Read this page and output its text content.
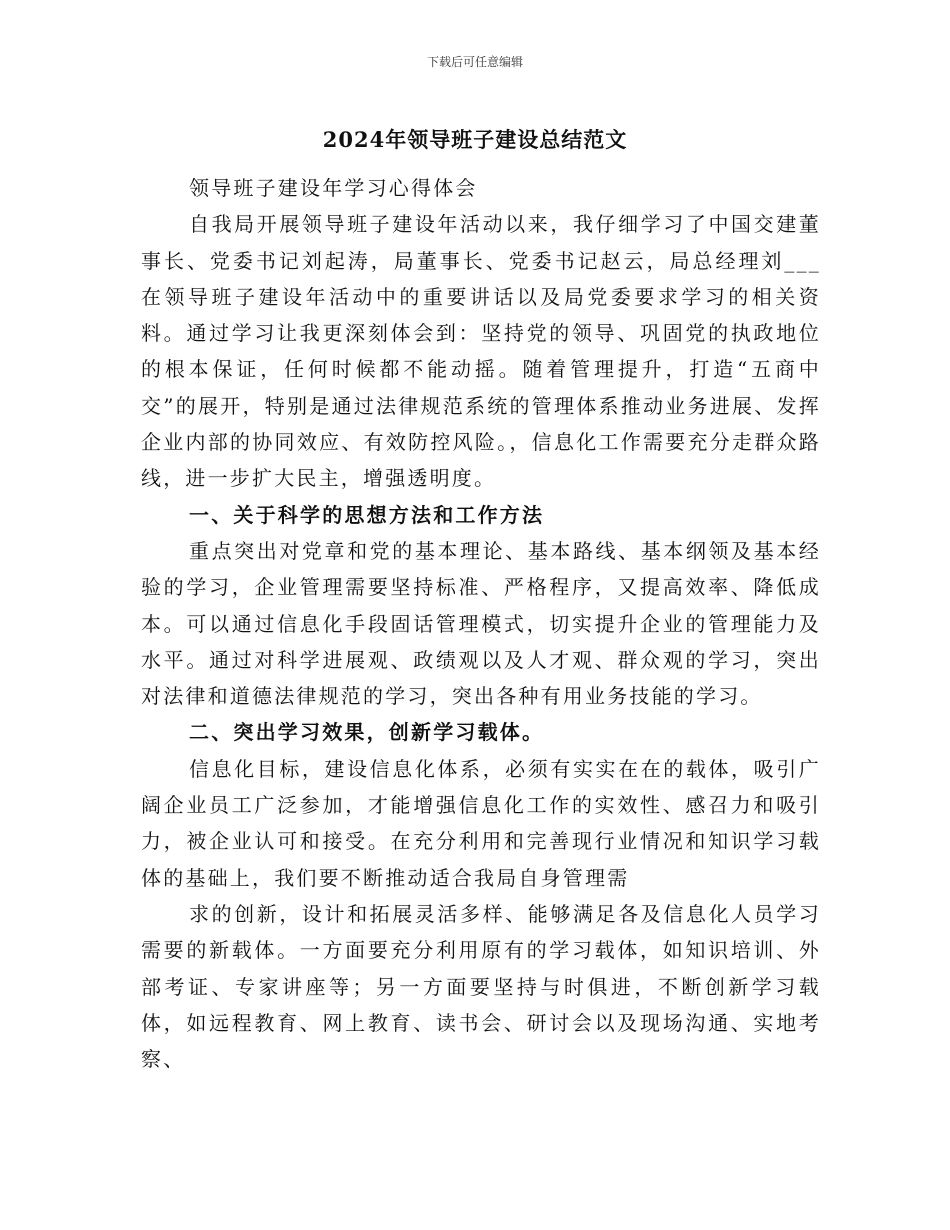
下载后可任意编辑
2024年领导班子建设总结范文

领导班子建设年学习心得体会

自我局开展领导班子建设年活动以来，我仔细学习了中国交建董事长、党委书记刘起涛，局董事长、党委书记赵云，局总经理刘___在领导班子建设年活动中的重要讲话以及局党委要求学习的相关资料。通过学习让我更深刻体会到：坚持党的领导、巩固党的执政地位的根本保证，任何时候都不能动摇。随着管理提升，打造“五商中交”的展开，特别是通过法律规范系统的管理体系推动业务进展、发挥企业内部的协同效应、有效防控风险。，信息化工作需要充分走群众路线，进一步扩大民主，增强透明度。

一、关于科学的思想方法和工作方法

重点突出对党章和党的基本理论、基本路线、基本纲领及基本经验的学习，企业管理需要坚持标准、严格程序，又提高效率、降低成本。可以通过信息化手段固话管理模式，切实提升企业的管理能力及水平。通过对科学进展观、政绩观以及人才观、群众观的学习，突出对法律和道德法律规范的学习，突出各种有用业务技能的学习。

二、突出学习效果，创新学习载体。

信息化目标，建设信息化体系，必须有实实在在的载体，吸引广阔企业员工广泛参加，才能增强信息化工作的实效性、感召力和吸引力，被企业认可和接受。在充分利用和完善现行业情况和知识学习载体的基础上，我们要不断推动适合我局自身管理需

求的创新，设计和拓展灵活多样、能够满足各及信息化人员学习需要的新载体。一方面要充分利用原有的学习载体，如知识培训、外部考证、专家讲座等；另一方面要坚持与时俱进，不断创新学习载体，如远程教育、网上教育、读书会、研讨会以及现场沟通、实地考察、
